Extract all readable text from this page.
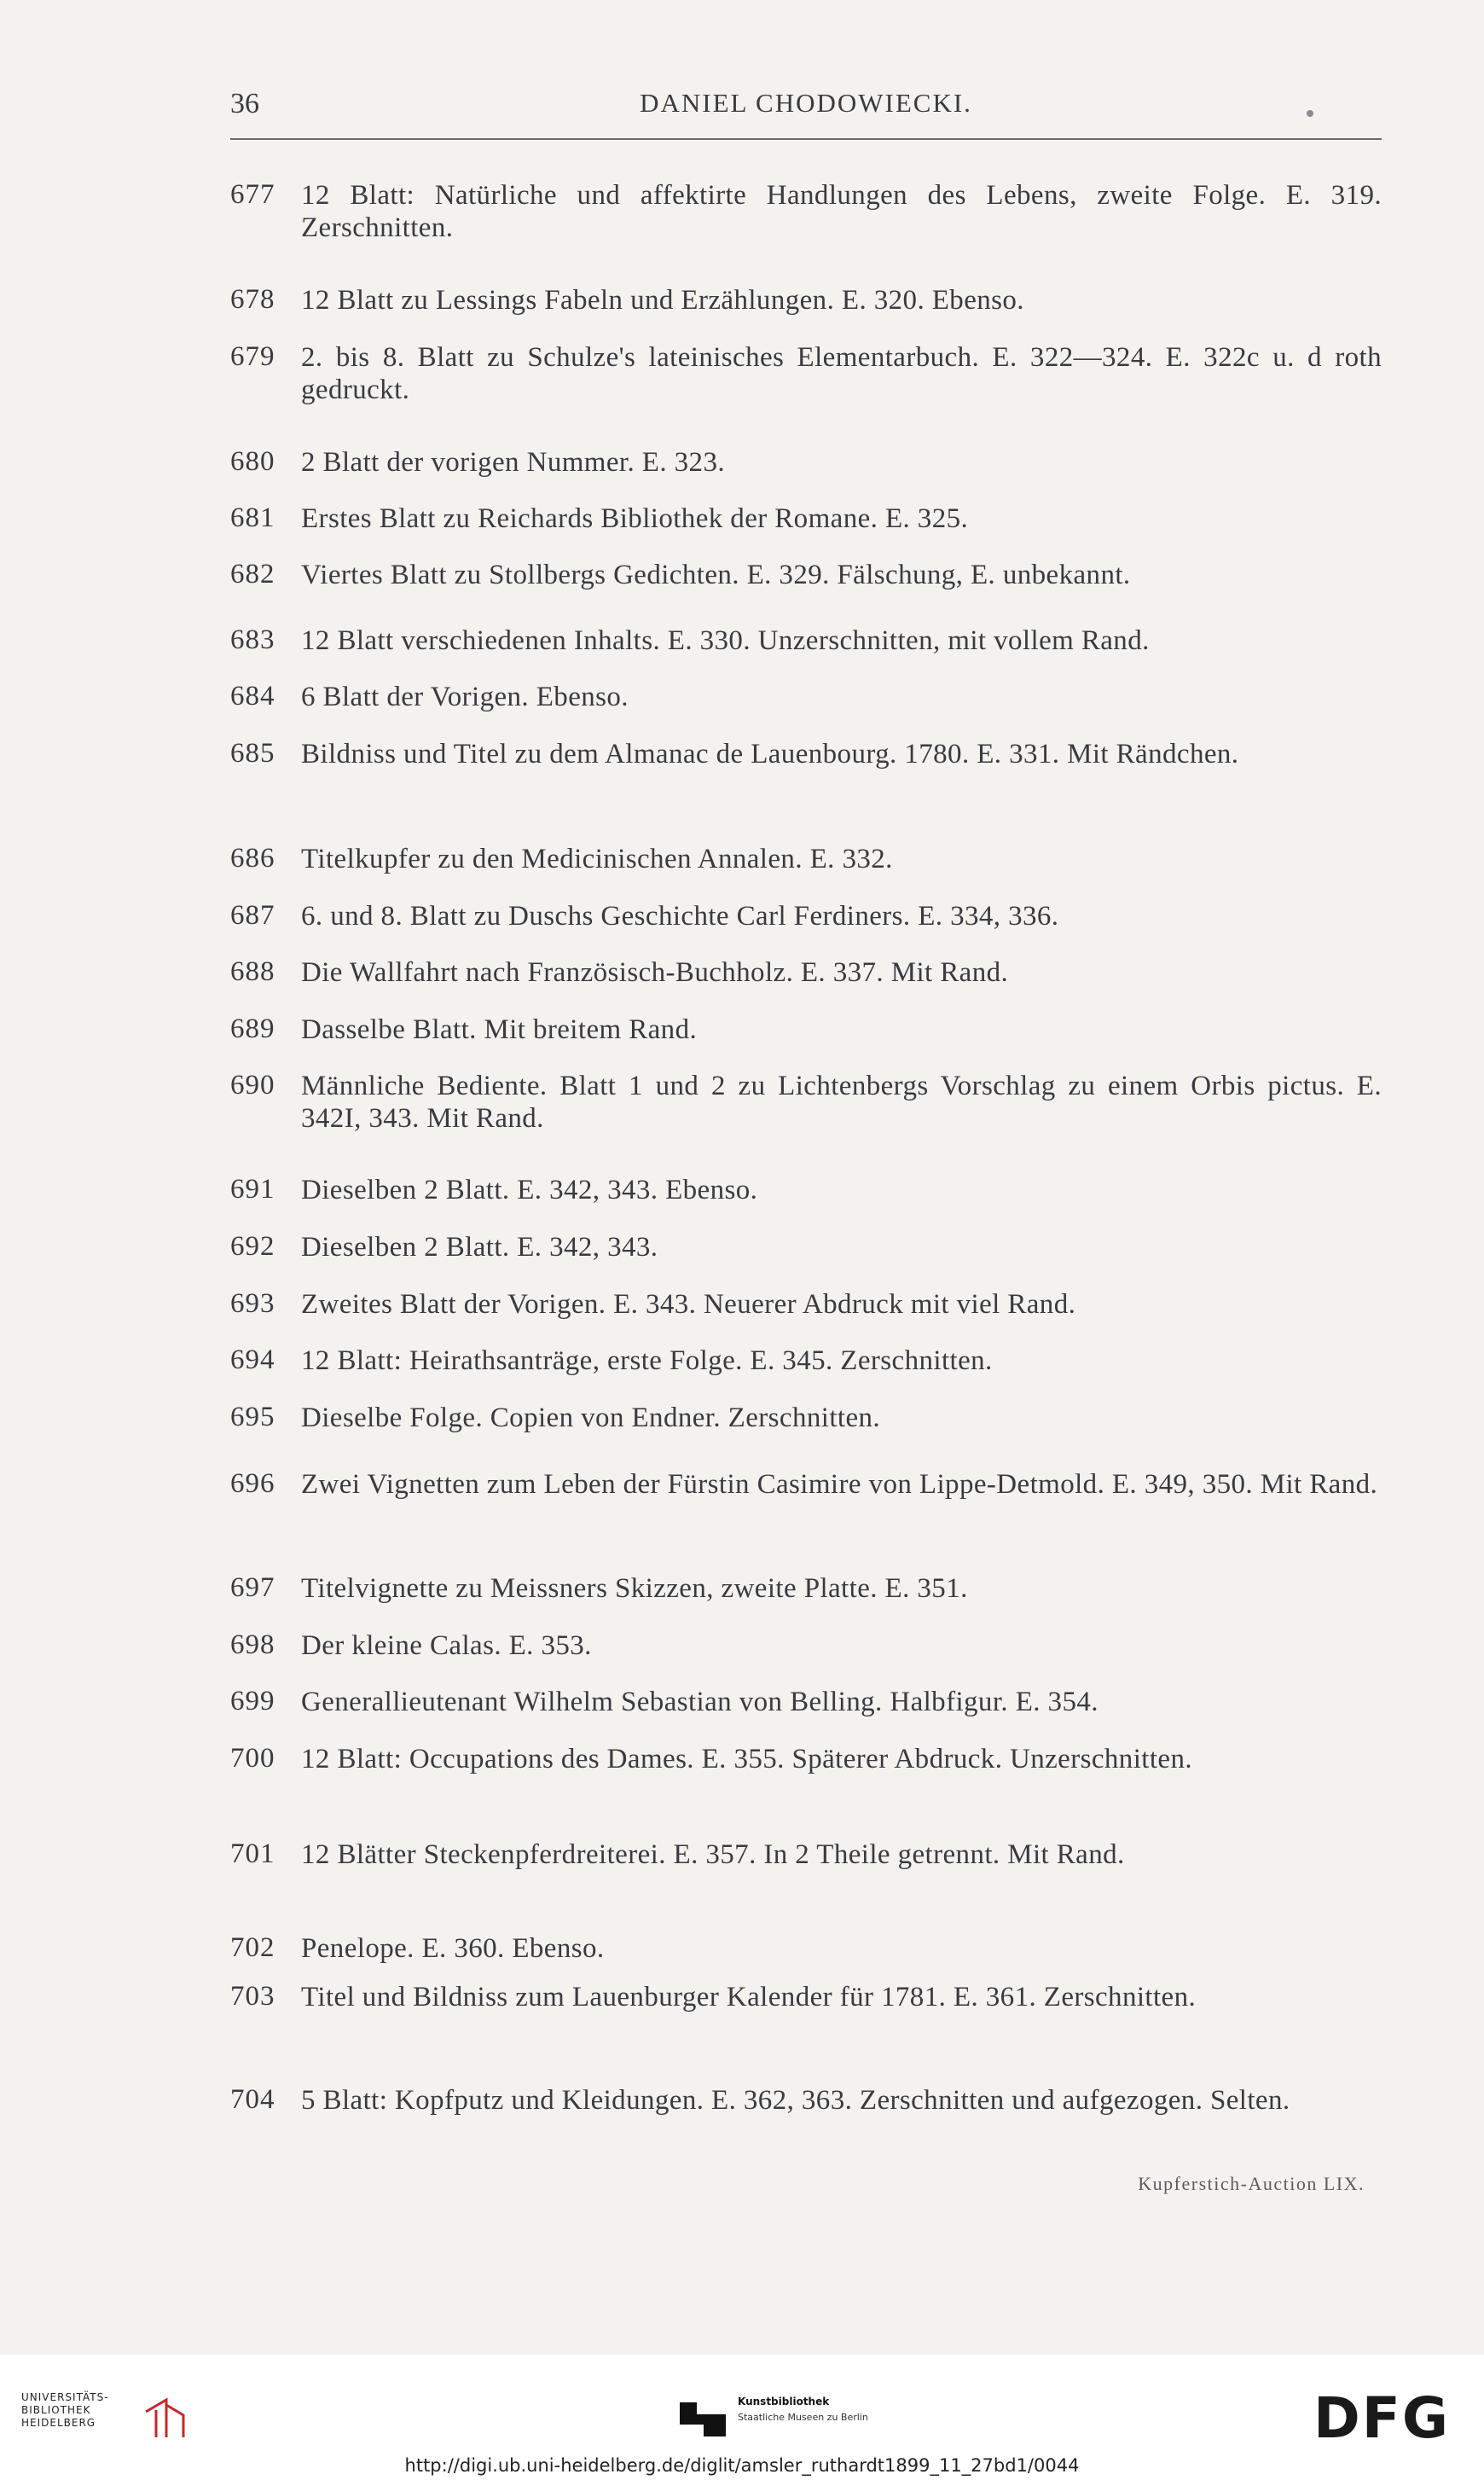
36	DANIEL CHODOWIECKI.
677 12 Blatt: Natürliche und affektirte Handlungen des Lebens, zweite Folge. E. 319. Zerschnitten.
678 12 Blatt zu Lessings Fabeln und Erzählungen. E. 320. Ebenso.
679 2. bis 8. Blatt zu Schulze's lateinisches Elementarbuch. E. 322—324. E. 322c u. d roth gedruckt.
680 2 Blatt der vorigen Nummer. E. 323.
681 Erstes Blatt zu Reichards Bibliothek der Romane. E. 325.
682 Viertes Blatt zu Stollbergs Gedichten. E. 329. Fälschung, E. unbekannt.
683 12 Blatt verschiedenen Inhalts. E. 330. Unzerschnitten, mit vollem Rand.
684 6 Blatt der Vorigen. Ebenso.
685 Bildniss und Titel zu dem Almanac de Lauenbourg. 1780. E. 331. Mit Rändchen.
686 Titelkupfer zu den Medicinischen Annalen. E. 332.
687 6. und 8. Blatt zu Duschs Geschichte Carl Ferdiners. E. 334, 336.
688 Die Wallfahrt nach Französisch-Buchholz. E. 337. Mit Rand.
689 Dasselbe Blatt. Mit breitem Rand.
690 Männliche Bediente. Blatt 1 und 2 zu Lichtenbergs Vorschlag zu einem Orbis pictus. E. 342I, 343. Mit Rand.
691 Dieselben 2 Blatt. E. 342, 343. Ebenso.
692 Dieselben 2 Blatt. E. 342, 343.
693 Zweites Blatt der Vorigen. E. 343. Neuerer Abdruck mit viel Rand.
694 12 Blatt: Heirathsanträge, erste Folge. E. 345. Zerschnitten.
695 Dieselbe Folge. Copien von Endner. Zerschnitten.
696 Zwei Vignetten zum Leben der Fürstin Casimire von Lippe-Detmold. E. 349, 350. Mit Rand.
697 Titelvignette zu Meissners Skizzen, zweite Platte. E. 351.
698 Der kleine Calas. E. 353.
699 Generallieutenant Wilhelm Sebastian von Belling. Halbfigur. E. 354.
700 12 Blatt: Occupations des Dames. E. 355. Späterer Abdruck. Unzerschnitten.
701 12 Blätter Steckenpferdreiterei. E. 357. In 2 Theile getrennt. Mit Rand.
702 Penelope. E. 360. Ebenso.
703 Titel und Bildniss zum Lauenburger Kalender für 1781. E. 361. Zerschnitten.
704 5 Blatt: Kopfputz und Kleidungen. E. 362, 363. Zerschnitten und aufgezogen. Selten.
Kupferstich-Auction LIX.
UNIVERSITÄTS-
BIBLIOTHEK
HEIDELBERG
Kunstbibliothek
Staatliche Museen zu Berlin	DFG
http://digi.ub.uni-heidelberg.de/diglit/amsler_ruthardt1899_11_27bd1/0044
